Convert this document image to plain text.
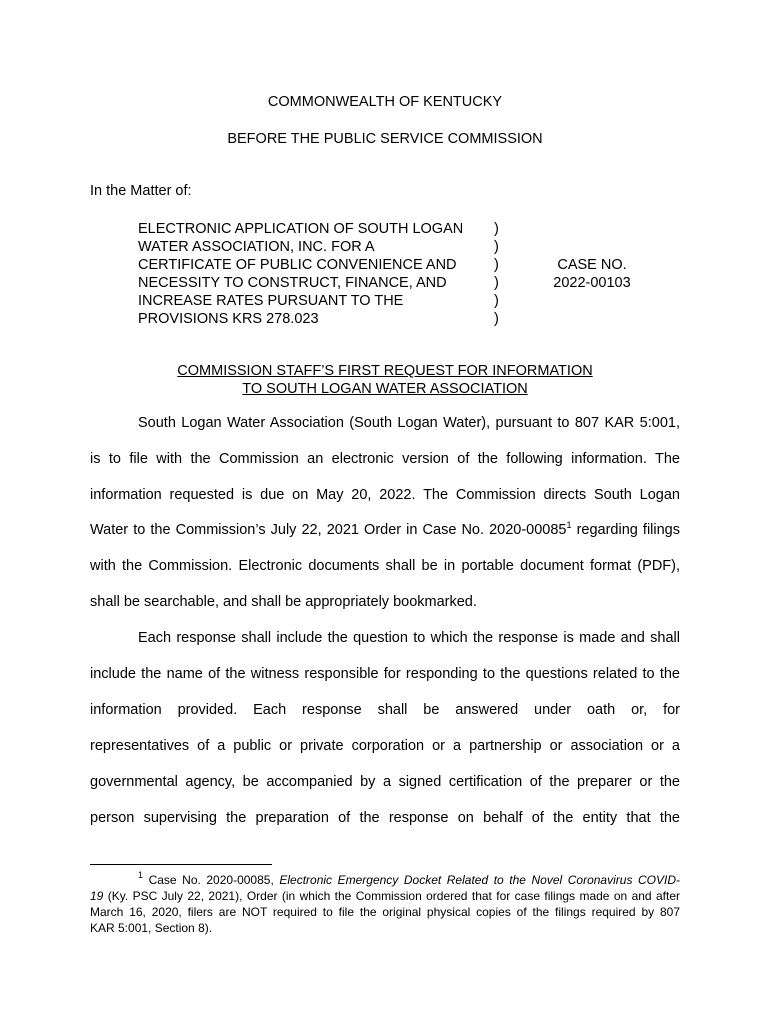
COMMONWEALTH OF KENTUCKY
BEFORE THE PUBLIC SERVICE COMMISSION
In the Matter of:
ELECTRONIC APPLICATION OF SOUTH LOGAN
WATER ASSOCIATION, INC. FOR A
CERTIFICATE OF PUBLIC CONVENIENCE AND
NECESSITY TO CONSTRUCT, FINANCE, AND
INCREASE RATES PURSUANT TO THE
PROVISIONS KRS 278.023
)
)
)
)
)
)
CASE NO.
2022-00103
COMMISSION STAFF’S FIRST REQUEST FOR INFORMATION
TO SOUTH LOGAN WATER ASSOCIATION
South Logan Water Association (South Logan Water), pursuant to 807 KAR 5:001,
is to file with the Commission an electronic version of the following information. The
information requested is due on May 20, 2022. The Commission directs South Logan
Water to the Commission’s July 22, 2021 Order in Case No. 2020-00085$^1$ regarding filings
with the Commission. Electronic documents shall be in portable document format (PDF),
shall be searchable, and shall be appropriately bookmarked.
Each response shall include the question to which the response is made and shall
include the name of the witness responsible for responding to the questions related to the
information provided. Each response shall be answered under oath or, for
representatives of a public or private corporation or a partnership or association or a
governmental agency, be accompanied by a signed certification of the preparer or the
person supervising the preparation of the response on behalf of the entity that the
$^1$ Case No. 2020-00085, Electronic Emergency Docket Related to the Novel Coronavirus COVID-
19 (Ky. PSC July 22, 2021), Order (in which the Commission ordered that for case filings made on and after
March 16, 2020, filers are NOT required to file the original physical copies of the filings required by 807
KAR 5:001, Section 8).
